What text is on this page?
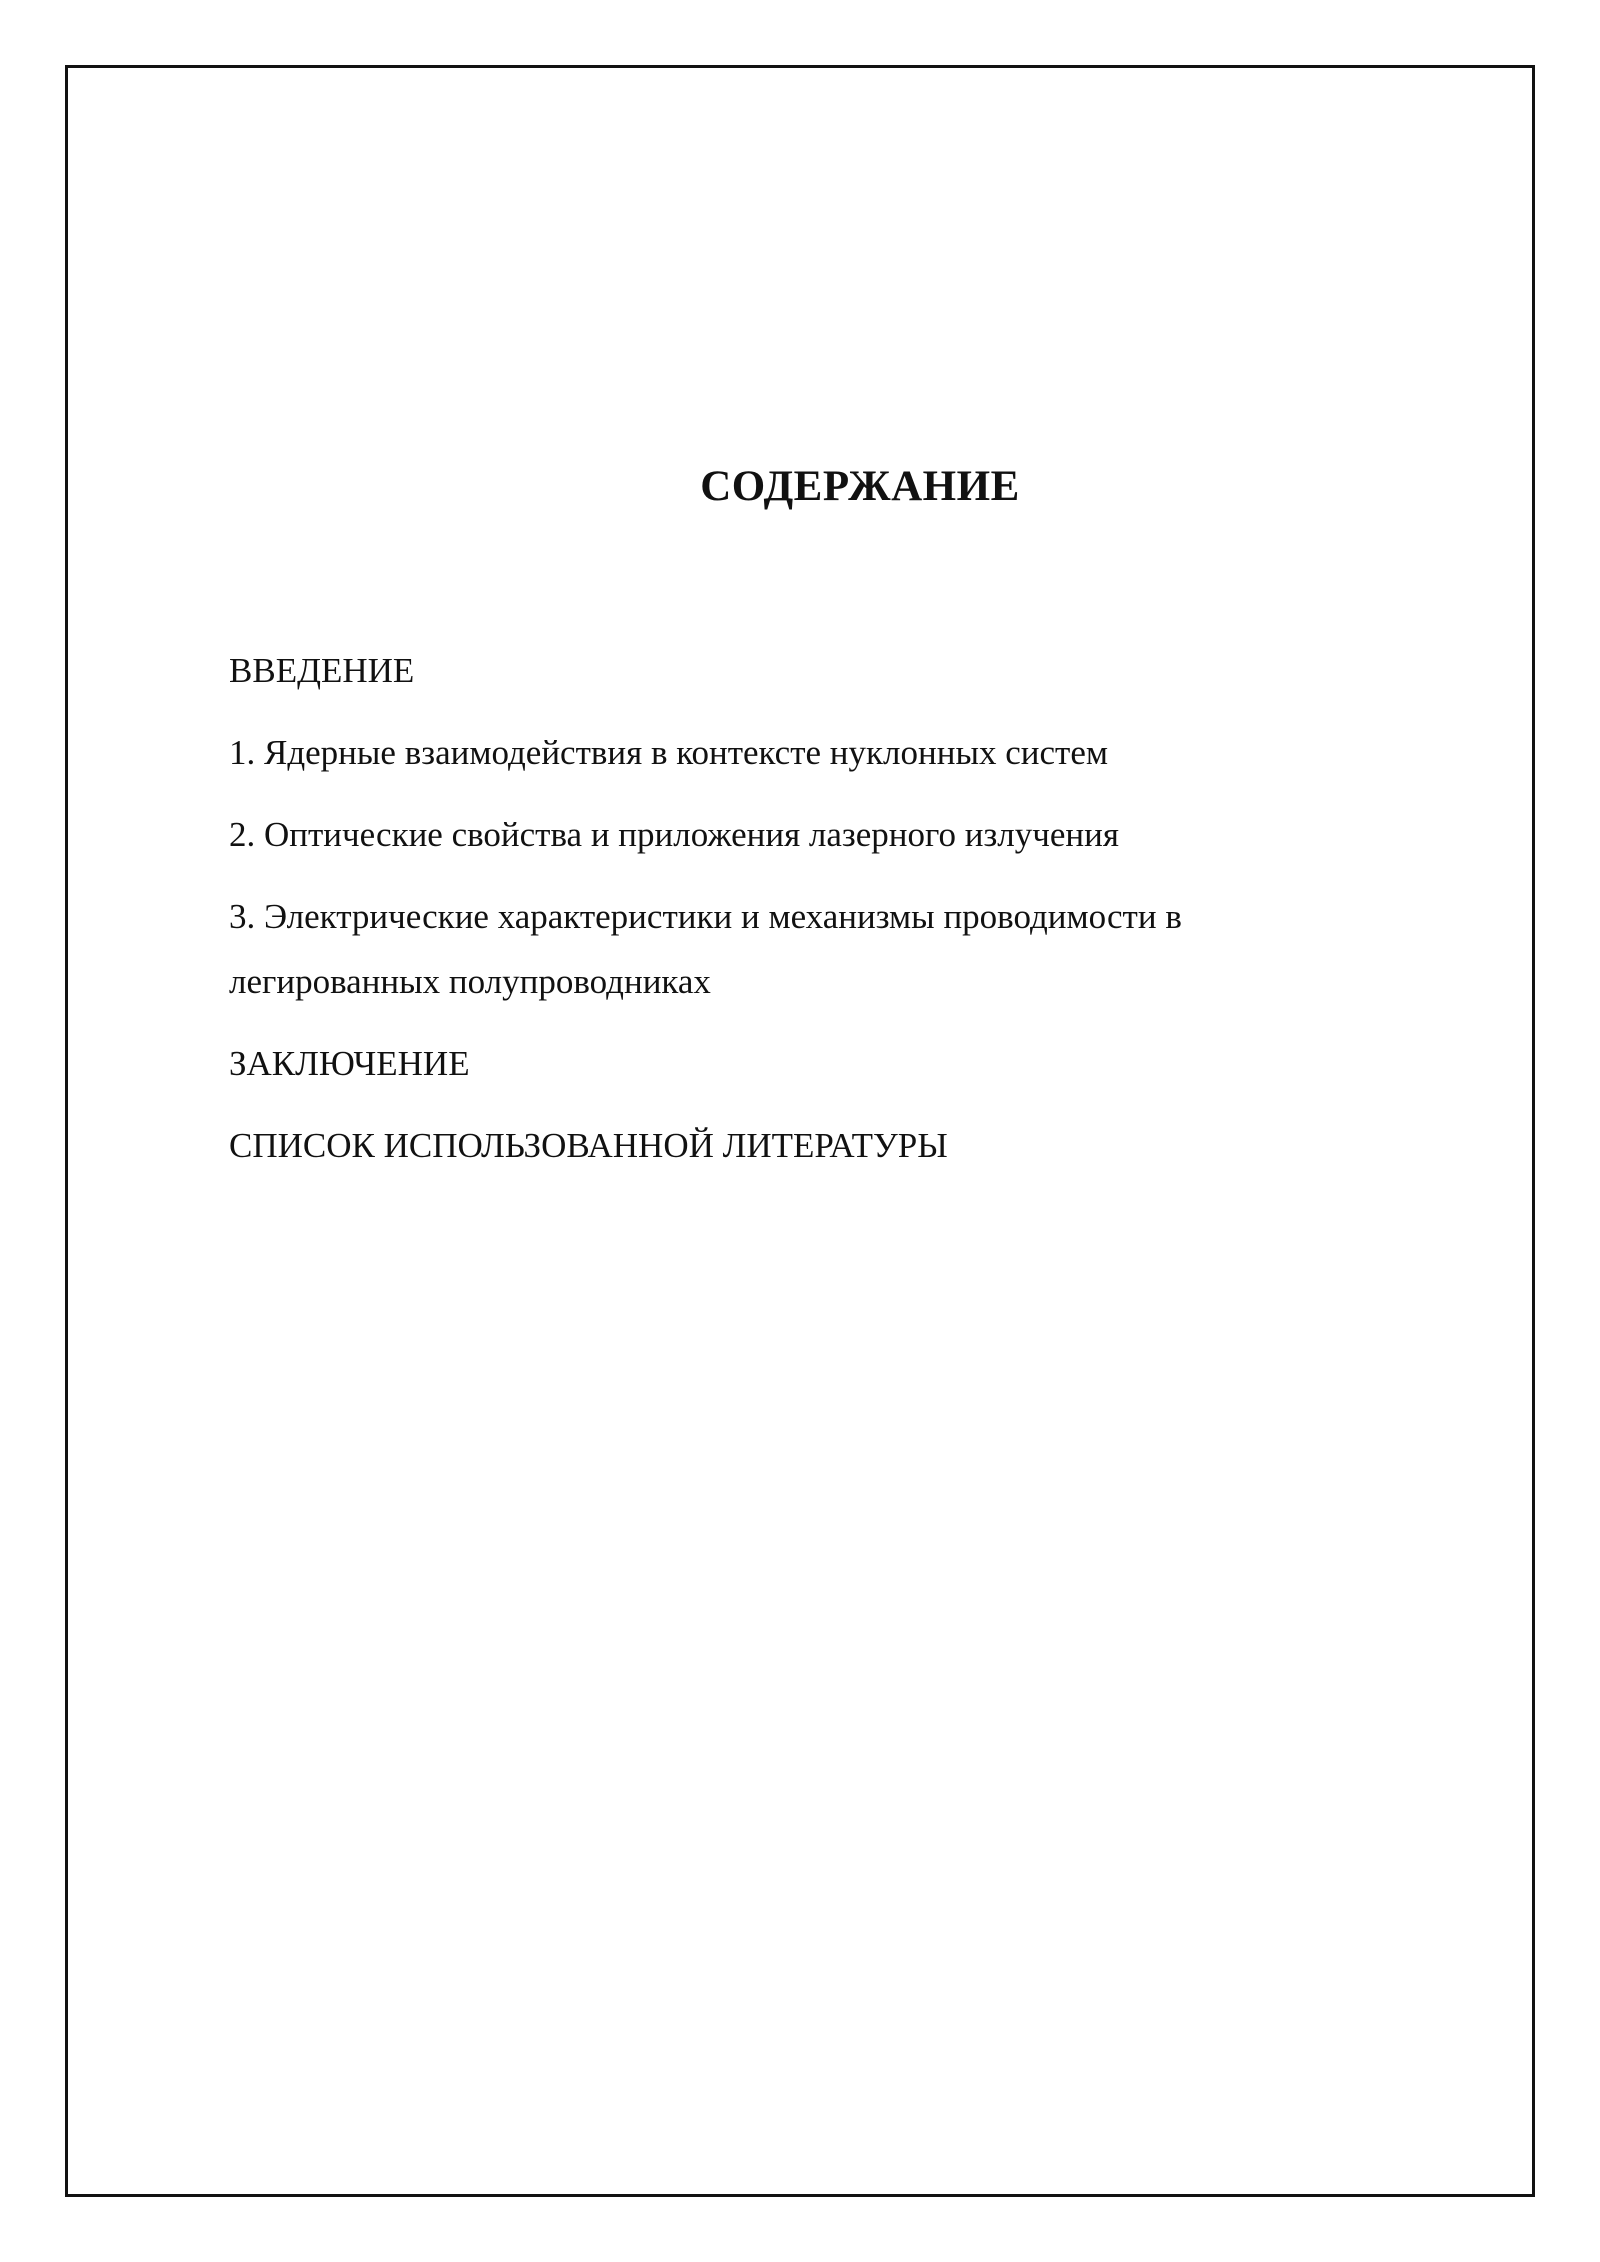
СОДЕРЖАНИЕ
ВВЕДЕНИЕ
1. Ядерные взаимодействия в контексте нуклонных систем
2. Оптические свойства и приложения лазерного излучения
3. Электрические характеристики и механизмы проводимости в легированных полупроводниках
ЗАКЛЮЧЕНИЕ
СПИСОК ИСПОЛЬЗОВАННОЙ ЛИТЕРАТУРЫ
